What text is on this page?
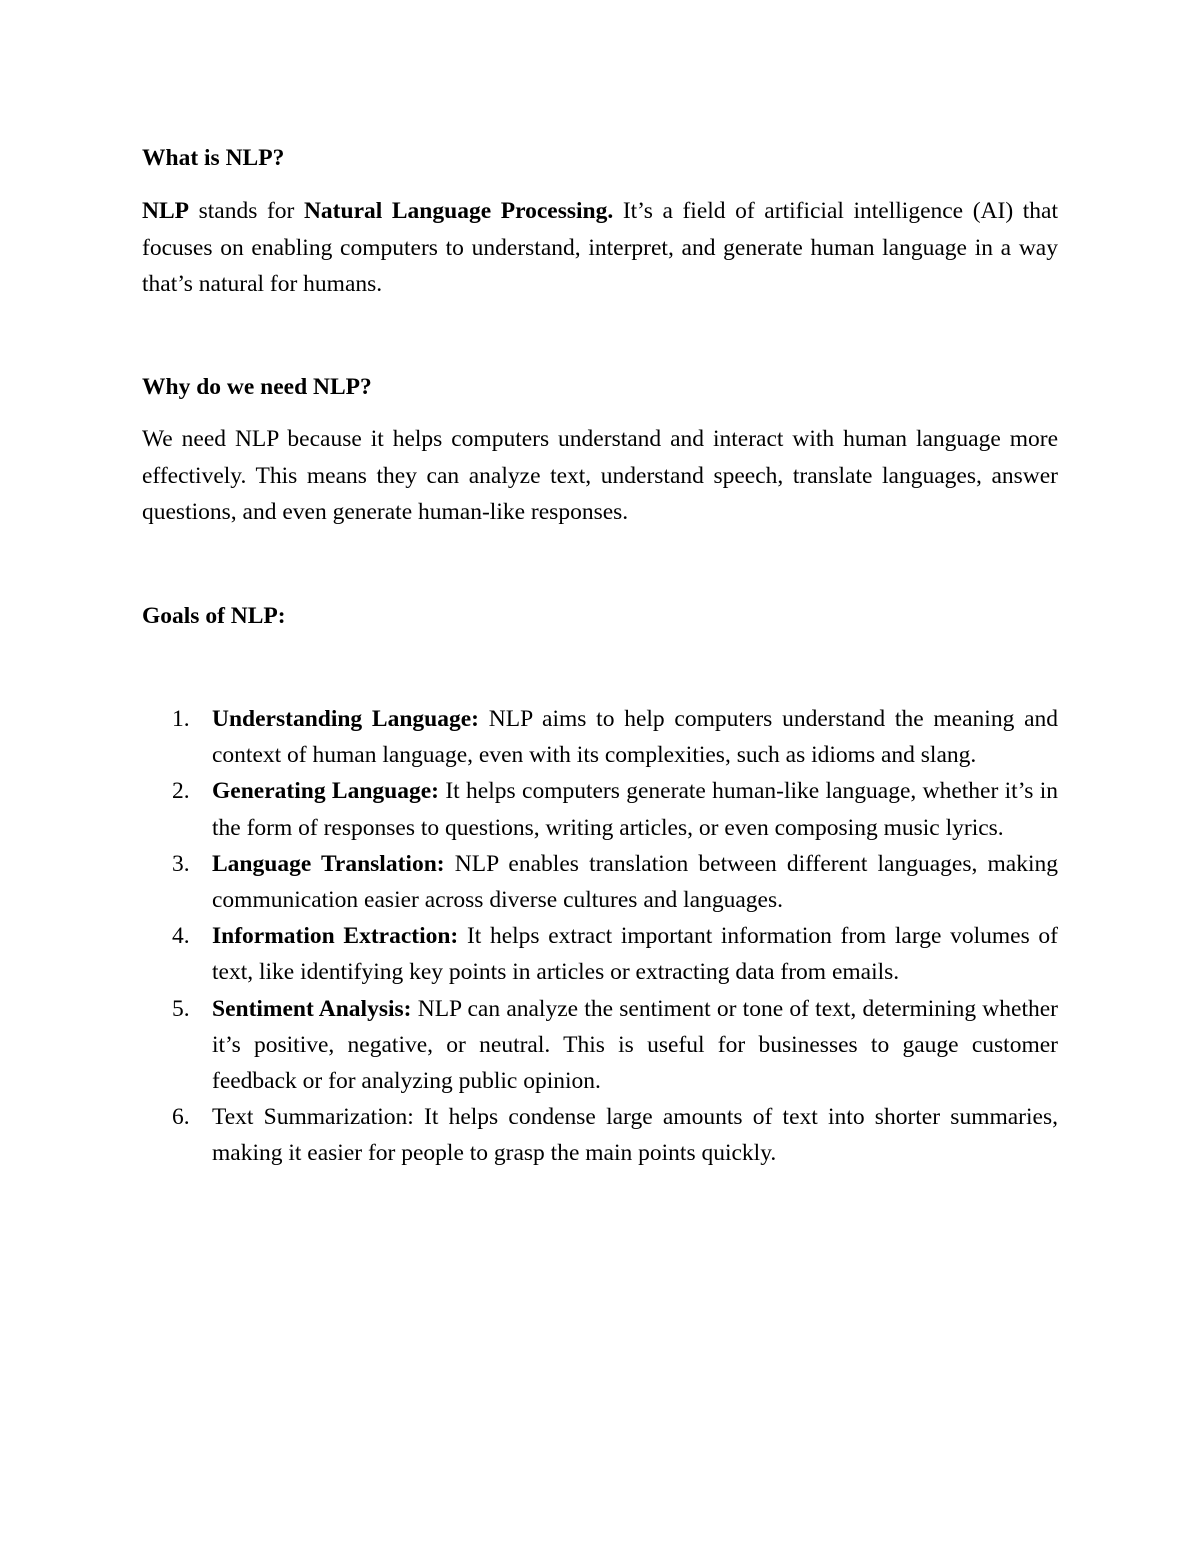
What is NLP?

NLP stands for Natural Language Processing. It’s a field of artificial intelligence (AI) that focuses on enabling computers to understand, interpret, and generate human language in a way that’s natural for humans.

Why do we need NLP?

We need NLP because it helps computers understand and interact with human language more effectively. This means they can analyze text, understand speech, translate languages, answer questions, and even generate human-like responses.

Goals of NLP:
1. Understanding Language: NLP aims to help computers understand the meaning and context of human language, even with its complexities, such as idioms and slang.
2. Generating Language: It helps computers generate human-like language, whether it’s in the form of responses to questions, writing articles, or even composing music lyrics.
3. Language Translation: NLP enables translation between different languages, making communication easier across diverse cultures and languages.
4. Information Extraction: It helps extract important information from large volumes of text, like identifying key points in articles or extracting data from emails.
5. Sentiment Analysis: NLP can analyze the sentiment or tone of text, determining whether it’s positive, negative, or neutral. This is useful for businesses to gauge customer feedback or for analyzing public opinion.
6. Text Summarization: It helps condense large amounts of text into shorter summaries, making it easier for people to grasp the main points quickly.
